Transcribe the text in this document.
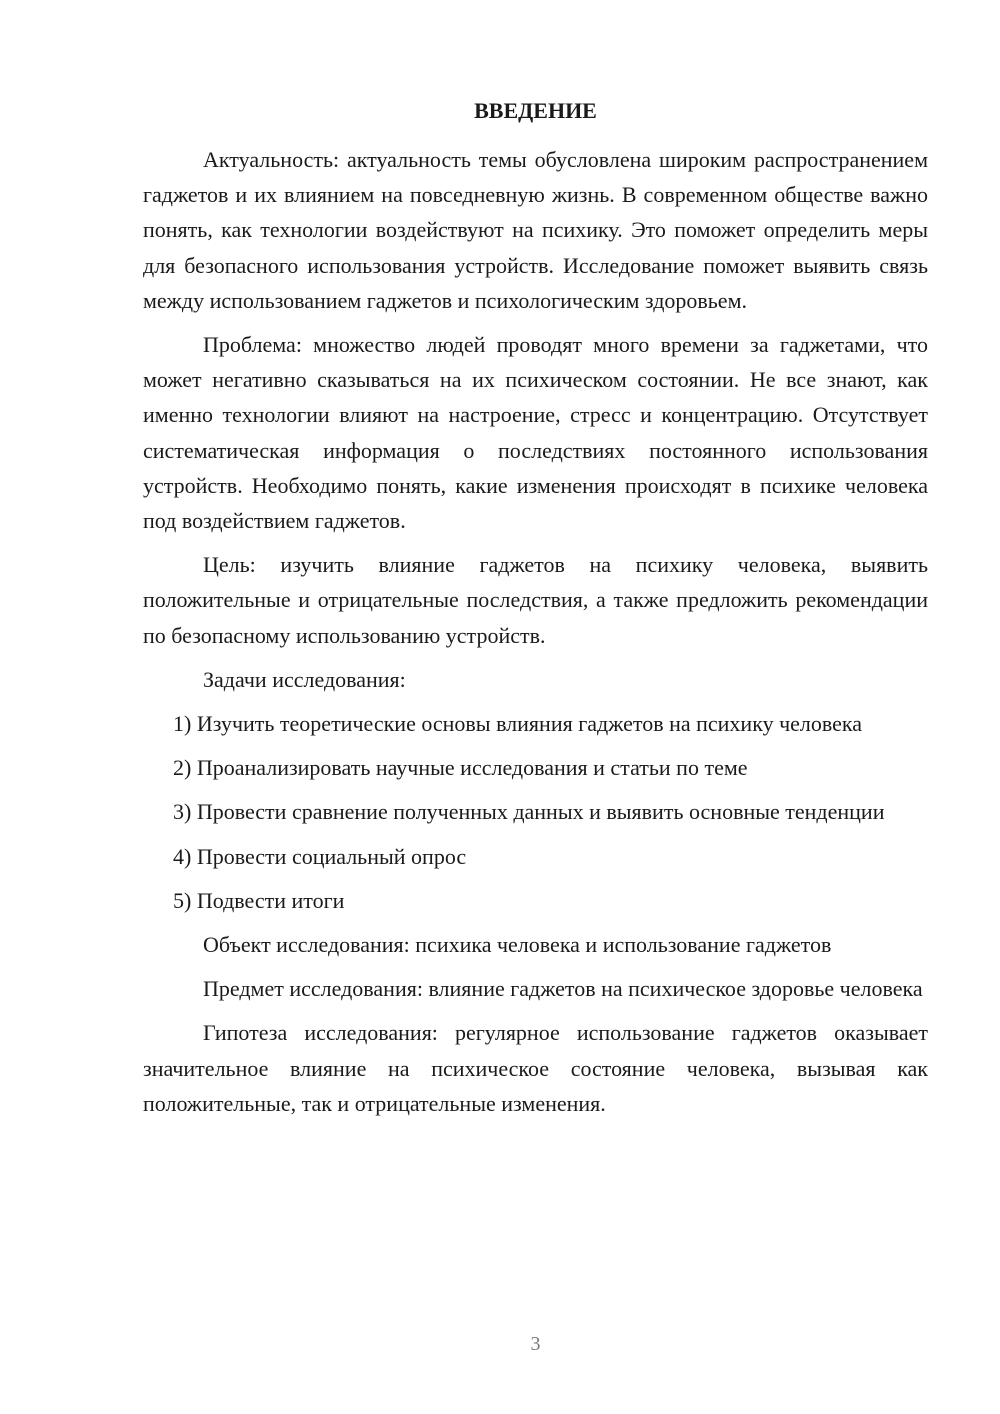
ВВЕДЕНИЕ

Актуальность: актуальность темы обусловлена широким распространением гаджетов и их влиянием на повседневную жизнь. В современном обществе важно понять, как технологии воздействуют на психику. Это поможет определить меры для безопасного использования устройств. Исследование поможет выявить связь между использованием гаджетов и психологическим здоровьем.

Проблема: множество людей проводят много времени за гаджетами, что может негативно сказываться на их психическом состоянии. Не все знают, как именно технологии влияют на настроение, стресс и концентрацию. Отсутствует систематическая информация о последствиях постоянного использования устройств. Необходимо понять, какие изменения происходят в психике человека под воздействием гаджетов.

Цель: изучить влияние гаджетов на психику человека, выявить положительные и отрицательные последствия, а также предложить рекомендации по безопасному использованию устройств.

Задачи исследования:

1) Изучить теоретические основы влияния гаджетов на психику человека

2) Проанализировать научные исследования и статьи по теме

3) Провести сравнение полученных данных и выявить основные тенденции

4) Провести социальный опрос

5) Подвести итоги

Объект исследования: психика человека и использование гаджетов

Предмет исследования: влияние гаджетов на психическое здоровье человека

Гипотеза исследования: регулярное использование гаджетов оказывает значительное влияние на психическое состояние человека, вызывая как положительные, так и отрицательные изменения.

3
